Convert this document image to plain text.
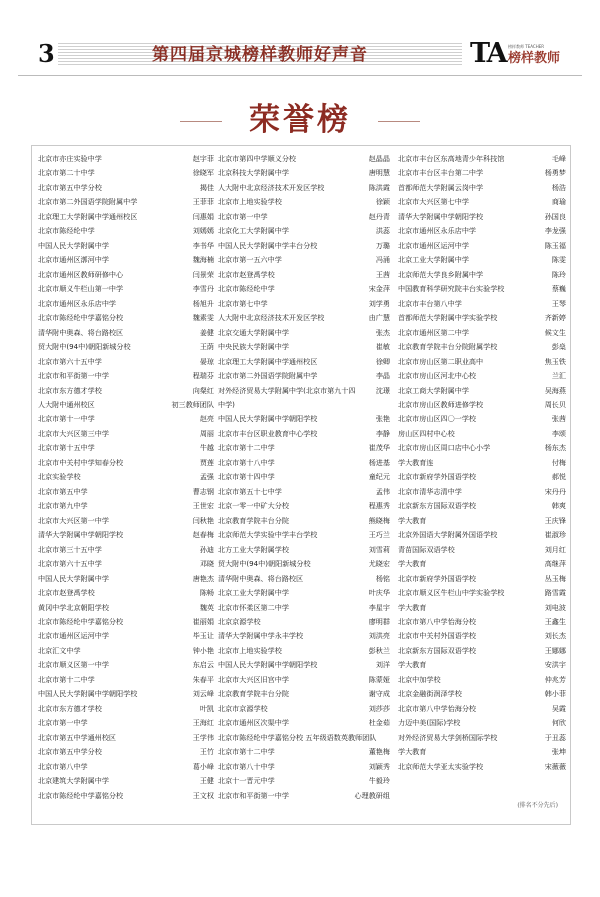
3	第四届京城榜样教师好声音	TA 榜样教师 TEACHER
榜样教师
荣誉榜
北京市亦庄实验中学	赵宇菲
北京市第二十中学	徐晓军
北京市第五中学分校	揭佳
北京市第二外国语学院附属中学	王菲菲
北京理工大学附属中学通州校区	闫惠娟
北京市陈经纶中学	刘嫣嫣
中国人民大学附属中学	李书华
北京市通州区漷河中学	魏海楠
北京市通州区教师研修中心	闫景荣
北京市顺义牛栏山第一中学	李雪丹
北京市通州区永乐店中学	杨旭升
北京市陈经纶中学嘉铭分校	魏素雯
清华附中奥森、将台路校区	姜健
贸大附中(94中)朝阳新城分校	王荫
北京市第六十五中学	晏琼
北京市和平街第一中学	程瑞芬
北京市东方德才学校	向粲红
人大附中通州校区	初三教师团队
北京市第十一中学	赵亮
北京市大兴区第三中学	周丽
北京市第十五中学	牛越
北京市中关村中学知春分校	贾莲
北京实验学校	孟强
北京市第五中学	曹志钢
北京市第九中学	王世宏
北京市大兴区第一中学	闫秋艳
清华大学附属中学朝阳学校	赵春梅
北京市第三十五中学	孙迪
北京市第六十五中学	邓晓
中国人民大学附属中学	唐艳杰
北京市赵登禹学校	陈畅
黄冈中学北京朝阳学校	魏英
北京市陈经纶中学嘉铭分校	崔丽娟
北京市通州区运河中学	毕玉让
北京汇文中学	钟小艳
北京市顺义区第一中学	东启云
北京市第十二中学	朱春平
中国人民大学附属中学朝阳学校	刘云峰
北京市东方德才学校	叶凯
北京市第一中学	王海红
北京市第五中学通州校区	王学伟
北京市第五中学分校	王竹
北京市第八中学	葛小峰
北京建筑大学附属中学	王健
北京市陈经纶中学嘉铭分校	王文权
北京市第四中学顺义分校	赵晶晶
北京科技大学附属中学	唐明慧
人大附中北京经济技术开发区学校	陈洪霞
北京市上地实验学校	徐颖
北京市第一中学	赵丹青
北京化工大学附属中学	洪蕊
中国人民大学附属中学丰台分校	万璐
北京市第一五六中学	冯涌
北京市赵登禹学校	王茜
北京市陈经纶中学	宋金萍
北京市第七中学	刘学勇
人大附中北京经济技术开发区学校	由广慧
北京交通大学附属中学	张杰
中央民族大学附属中学	崔敏
北京理工大学附属中学通州校区	徐卿
北京市第二外国语学院附属中学	李晶
对外经济贸易大学附属中学(北京市第九十四	沈璟
中学)
中国人民大学附属中学朝阳学校	张艳
北京市丰台区职业教育中心学校	李静
北京市第十二中学	崔茂华
北京市第十八中学	杨进基
北京市第十四中学	童纪元
北京市第五十七中学	孟伟
北京一零一中矿大分校	程惠秀
北京教育学院丰台分院	熊晓梅
北京师范大学实验中学丰台学校	王巧兰
北方工业大学附属学校	刘雪莉
贸大附中(94中)朝阳新城分校	尤晓宏
清华附中奥森、将台路校区	杨铭
北京工业大学附属中学	叶庆华
北京市怀柔区第二中学	李星宇
北京京源学校	廖明群
清华大学附属中学永丰学校	刘洪亮
北京市上地实验学校	彭秋兰
中国人民大学附属中学朝阳学校	刘洋
北京市大兴区旧宫中学	陈蒙娅
北京教育学院丰台分院	谢守成
北京市京源学校	刘莎莎
北京市通州区次渠中学	杜金茹
北京市陈经纶中学嘉铭分校 五年级语数英教师团队
北京市第十二中学	董艳梅
北京市第八十中学	刘颖秀
北京十一晋元中学	牛毅玲
北京市和平街第一中学	心理教研组
北京市丰台区东高地青少年科技馆	毛峰
北京市丰台区丰台第二中学	杨勇梦
首都师范大学附属云岗中学	杨浩
北京市大兴区第七中学	商瑜
清华大学附属中学朝阳学校	孙国良
北京市通州区永乐店中学	李龙强
北京市通州区运河中学	陈玉福
北京工业大学附属中学	陈雯
北京师范大学良乡附属中学	陈玲
中国教育科学研究院丰台实验学校	蔡巍
北京市丰台第八中学	王琴
首都师范大学附属中学实验学校	齐新婷
北京市通州区第二中学	候文生
北京教育学院丰台分院附属学校	彭燊
北京市房山区第二职业高中	焦玉铁
北京市房山区河北中心校	兰汇
北京工商大学附属中学	吴海燕
北京市房山区教师进修学校	周长贝
北京市房山区四〇一学校	张茜
房山区四村中心校	李颂
北京市房山区周口店中心小学	杨东杰
学大教育连	付梅
北京市新府学外国语学校	郝悦
北京市清华志清中学	宋丹丹
北京新东方国际双语学校	韩爽
学大教育	王庆锋
北京外国语大学附属外国语学校	崔淑珍
青苗国际双语学校	刘月红
学大教育	高继萍
北京市新府学外国语学校	丛玉梅
北京市顺义区牛栏山中学实验学校	路雪霞
学大教育	刘电波
北京市第八中学怡海分校	王鑫生
北京市中关村外国语学校	刘长杰
北京新东方国际双语学校	王娜娜
学大教育	安洪宇
北京中加学校	仲兆芳
北京金融街润泽学校	韩小菲
北京市第八中学怡海分校	吴霞
力迈中美(国际)学校	何欣
对外经济贸易大学剑桥国际学校	于丑蕊
学大教育	张坤
北京师范大学亚太实验学校	宋薇薇
(排名不分先后)
